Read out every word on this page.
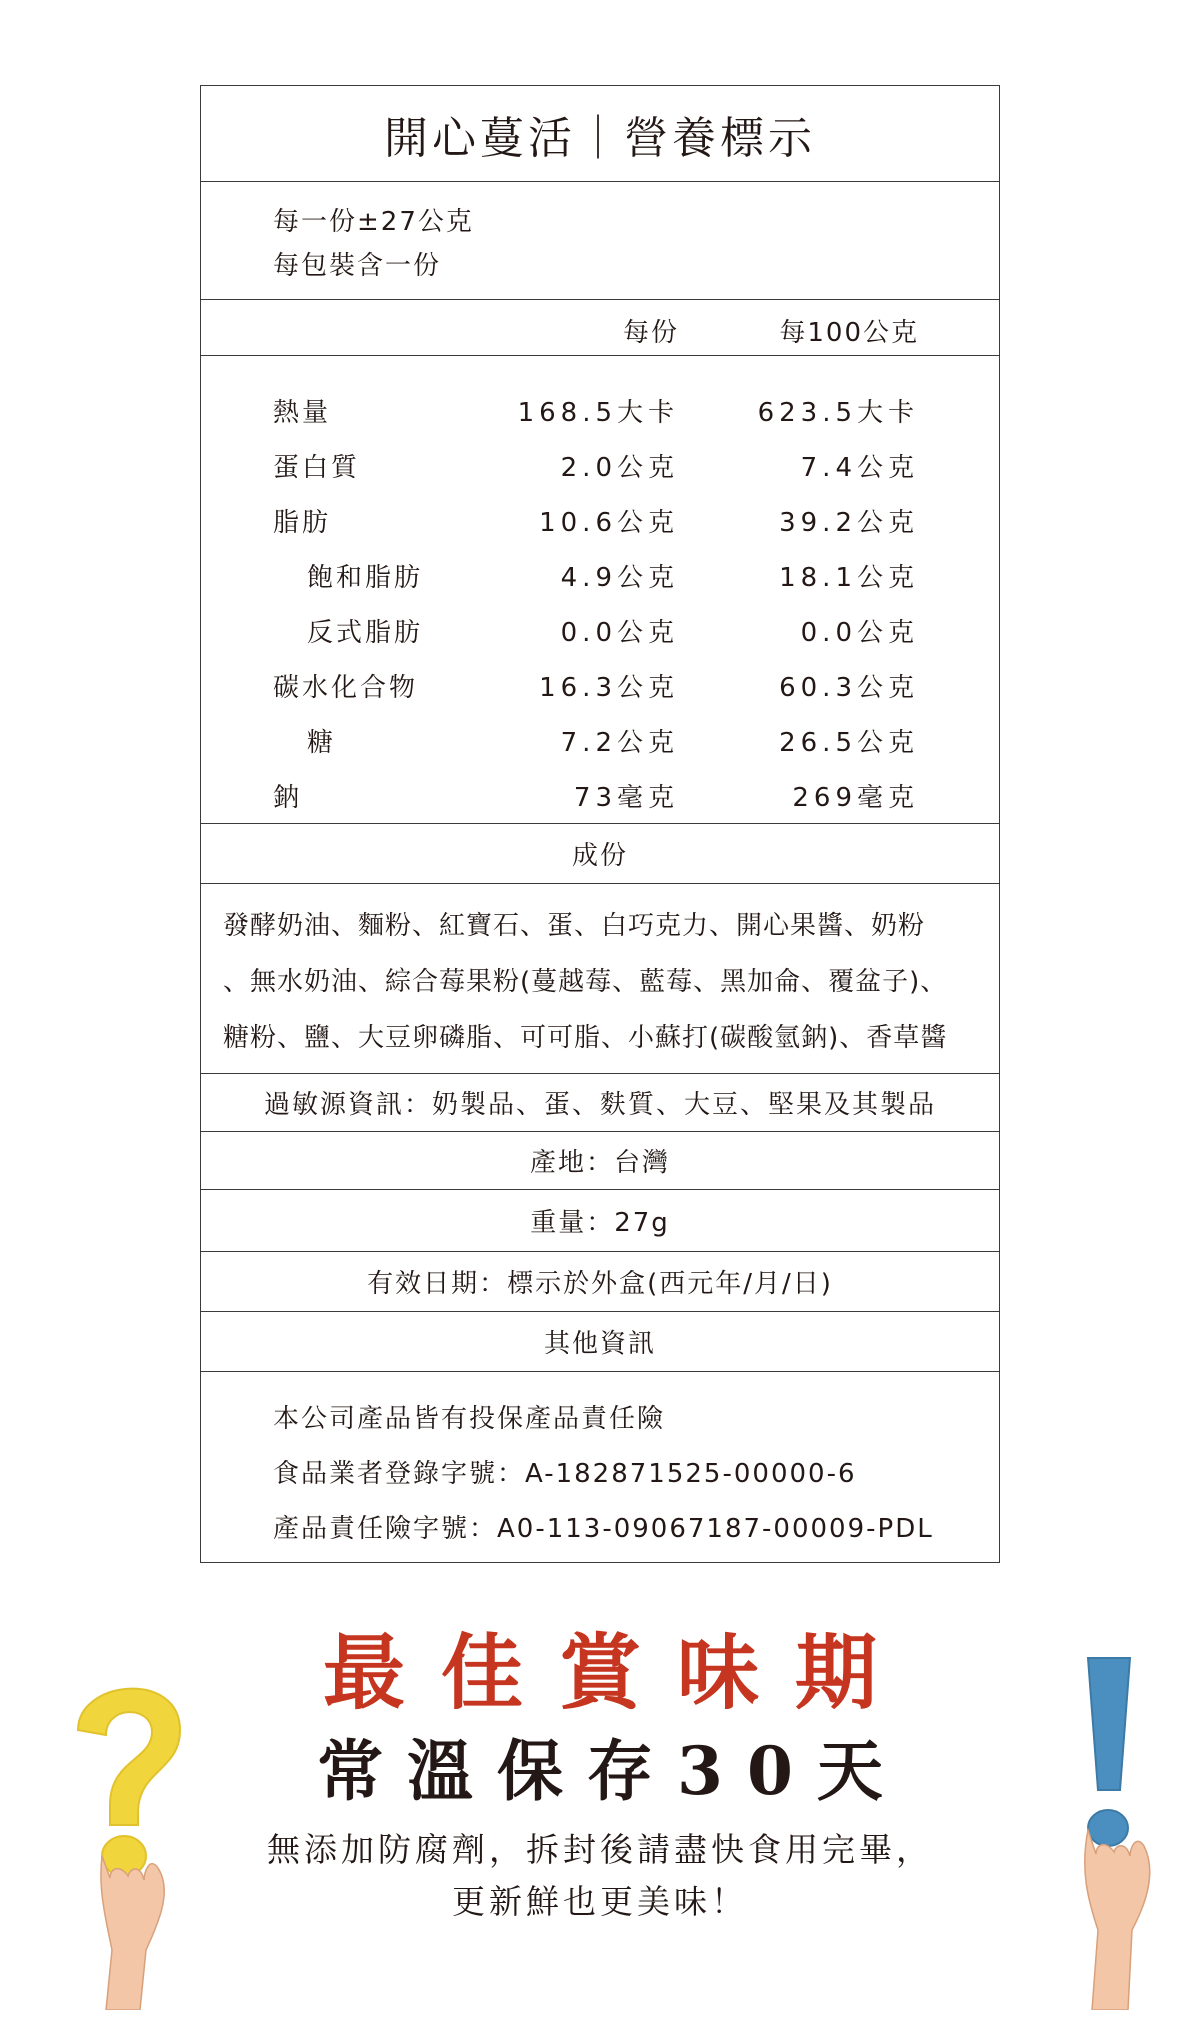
開心蔓活｜營養標示
每一份±27公克
每包裝含一份
每份	每100公克
熱量	168.5大卡	623.5大卡
蛋白質	2.0公克	7.4公克
脂肪	10.6公克	39.2公克
飽和脂肪	4.9公克	18.1公克
反式脂肪	0.0公克	0.0公克
碳水化合物	16.3公克	60.3公克
糖	7.2公克	26.5公克
鈉	73毫克	269毫克
成份

發酵奶油、麵粉、紅寶石、蛋、白巧克力、開心果醬、奶粉

、無水奶油、綜合莓果粉(蔓越莓、藍莓、黑加侖、覆盆子)、

糖粉、鹽、大豆卵磷脂、可可脂、小蘇打(碳酸氫鈉)、香草醬

過敏源資訊：奶製品、蛋、麩質、大豆、堅果及其製品
產地：台灣
重量：27g
有效日期：標示於外盒(西元年/月/日)
其他資訊

本公司產品皆有投保產品責任險

食品業者登錄字號：A-182871525-00000-6

產品責任險字號：A0-113-09067187-00009-PDL

最佳賞味期
常溫保存30天

無添加防腐劑，拆封後請盡快食用完畢，

更新鮮也更美味！
